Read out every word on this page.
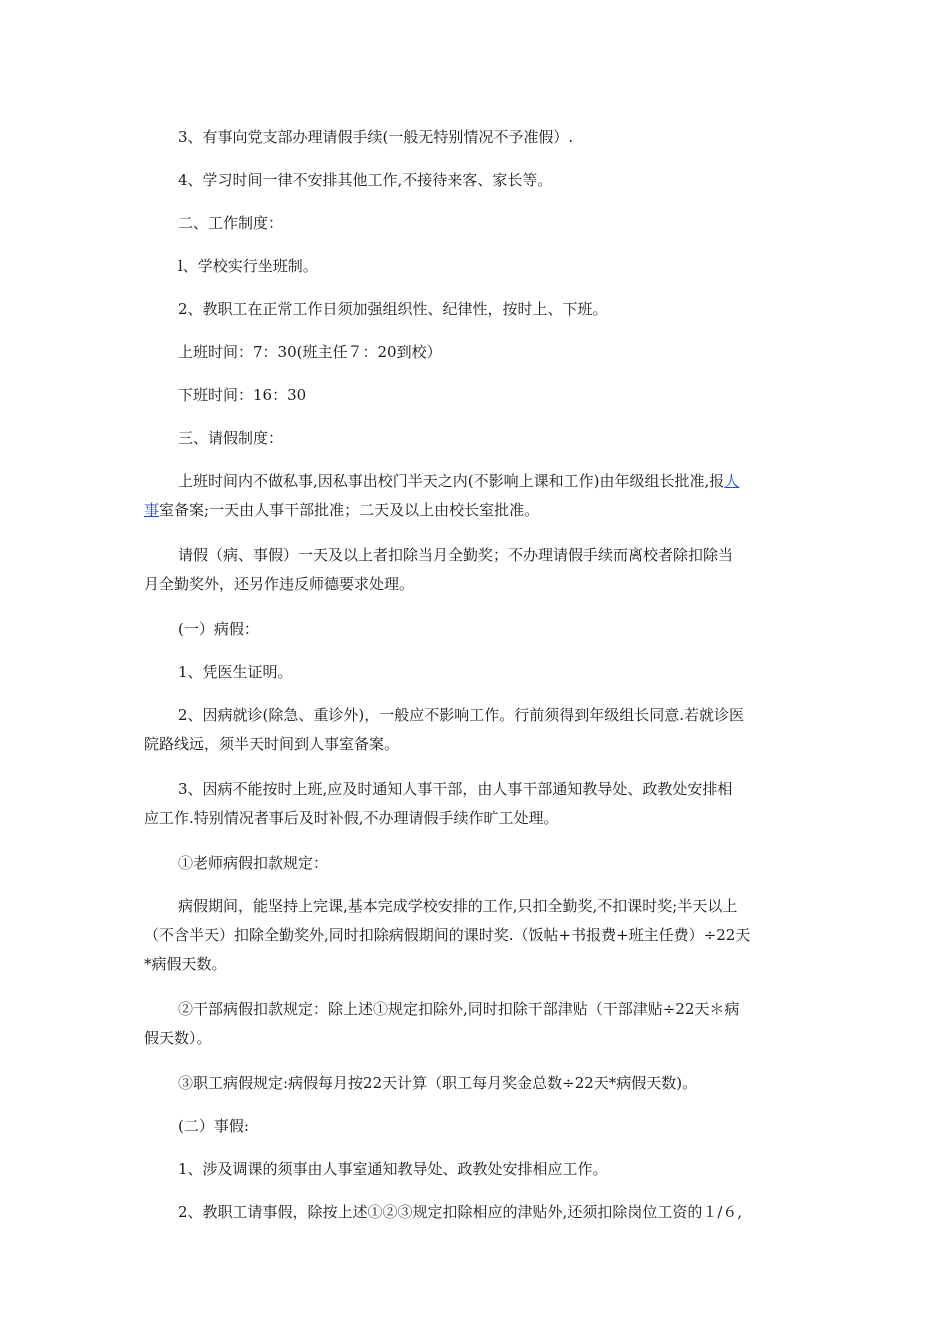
3、有事向党支部办理请假手续(一般无特别情况不予准假）.

4、学习时间一律不安排其他工作,不接待来客、家长等。

二、工作制度：

l、学校实行坐班制。

2、教职工在正常工作日须加强组织性、纪律性，按时上、下班。

上班时间：7：30(班主任７：20到校）

下班时间：16：30

三、请假制度：

上班时间内不做私事,因私事出校门半天之内(不影响上课和工作)由年级组长批准,报人
事室备案;一天由人事干部批准；二天及以上由校长室批准。

请假（病、事假）一天及以上者扣除当月全勤奖；不办理请假手续而离校者除扣除当
月全勤奖外，还另作违反师德要求处理。

(一）病假：

1、凭医生证明。

2、因病就诊(除急、重诊外)，一般应不影响工作。行前须得到年级组长同意.若就诊医
院路线远，须半天时间到人事室备案。

3、因病不能按时上班,应及时通知人事干部，由人事干部通知教导处、政教处安排相
应工作.特别情况者事后及时补假,不办理请假手续作旷工处理。

①老师病假扣款规定：

病假期间，能坚持上完课,基本完成学校安排的工作,只扣全勤奖,不扣课时奖;半天以上
（不含半天）扣除全勤奖外,同时扣除病假期间的课时奖.（饭帖+书报费+班主任费）÷22天
*病假天数。

②干部病假扣款规定：除上述①规定扣除外,同时扣除干部津贴（干部津贴÷22天＊病
假天数）。

③职工病假规定:病假每月按22天计算（职工每月奖金总数÷22天*病假天数)。

(二）事假:

1、涉及调课的须事由人事室通知教导处、政教处安排相应工作。

2、教职工请事假，除按上述①②③规定扣除相应的津贴外,还须扣除岗位工资的１/６,
